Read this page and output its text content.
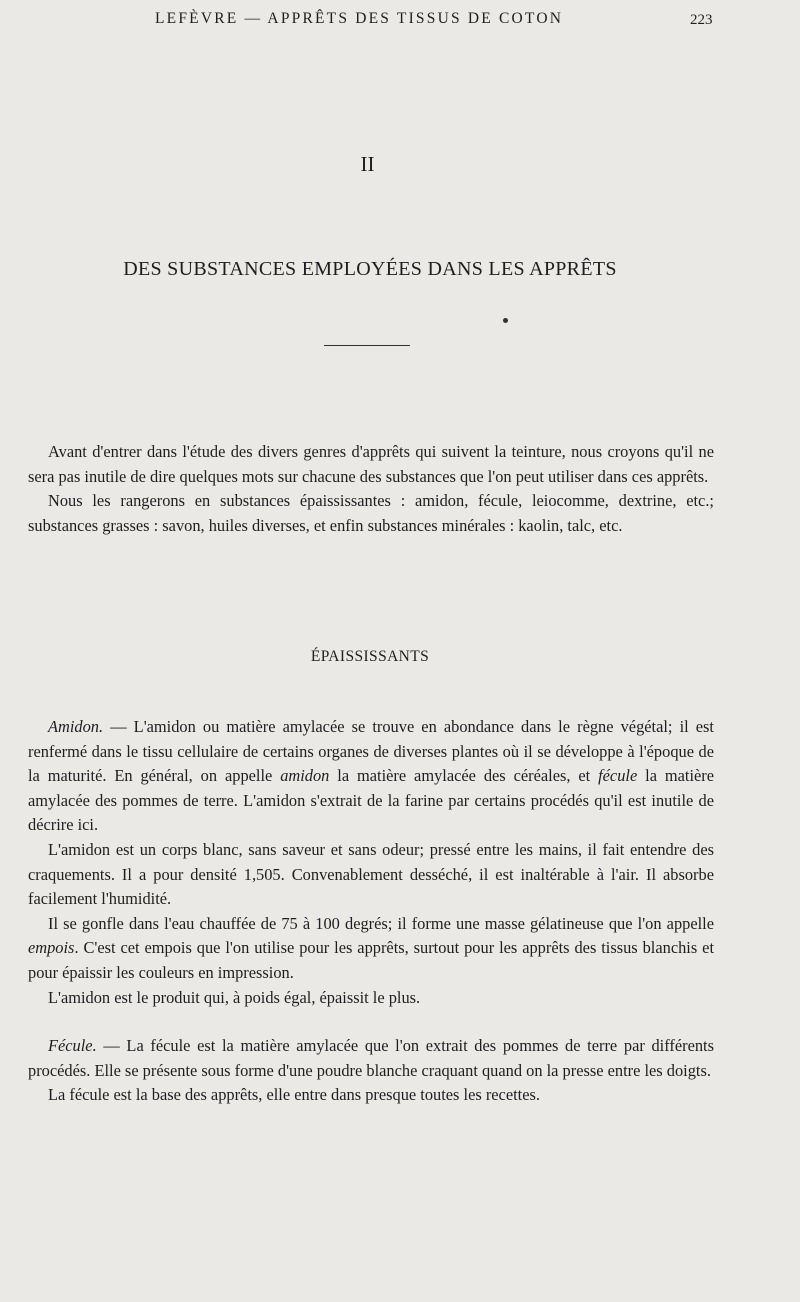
LEFÈVRE — APPRÊTS DES TISSUS DE COTON	223
II
DES SUBSTANCES EMPLOYÉES DANS LES APPRÊTS

Avant d'entrer dans l'étude des divers genres d'apprêts qui suivent la teinture, nous croyons qu'il ne sera pas inutile de dire quelques mots sur chacune des substances que l'on peut utiliser dans ces apprêts.

Nous les rangerons en substances épaississantes : amidon, fécule, leiocomme, dextrine, etc.; substances grasses : savon, huiles diverses, et enfin substances minérales : kaolin, talc, etc.

ÉPAISSISSANTS

Amidon. — L'amidon ou matière amylacée se trouve en abondance dans le règne végétal; il est renfermé dans le tissu cellulaire de certains organes de diverses plantes où il se développe à l'époque de la maturité. En général, on appelle amidon la matière amylacée des céréales, et fécule la matière amylacée des pommes de terre. L'amidon s'extrait de la farine par certains procédés qu'il est inutile de décrire ici.

L'amidon est un corps blanc, sans saveur et sans odeur; pressé entre les mains, il fait entendre des craquements. Il a pour densité 1,505. Convenablement desséché, il est inaltérable à l'air. Il absorbe facilement l'humidité.

Il se gonfle dans l'eau chauffée de 75 à 100 degrés; il forme une masse gélatineuse que l'on appelle empois. C'est cet empois que l'on utilise pour les apprêts, surtout pour les apprêts des tissus blanchis et pour épaissir les couleurs en impression.

L'amidon est le produit qui, à poids égal, épaissit le plus.

Fécule. — La fécule est la matière amylacée que l'on extrait des pommes de terre par différents procédés. Elle se présente sous forme d'une poudre blanche craquant quand on la presse entre les doigts.

La fécule est la base des apprêts, elle entre dans presque toutes les recettes.
